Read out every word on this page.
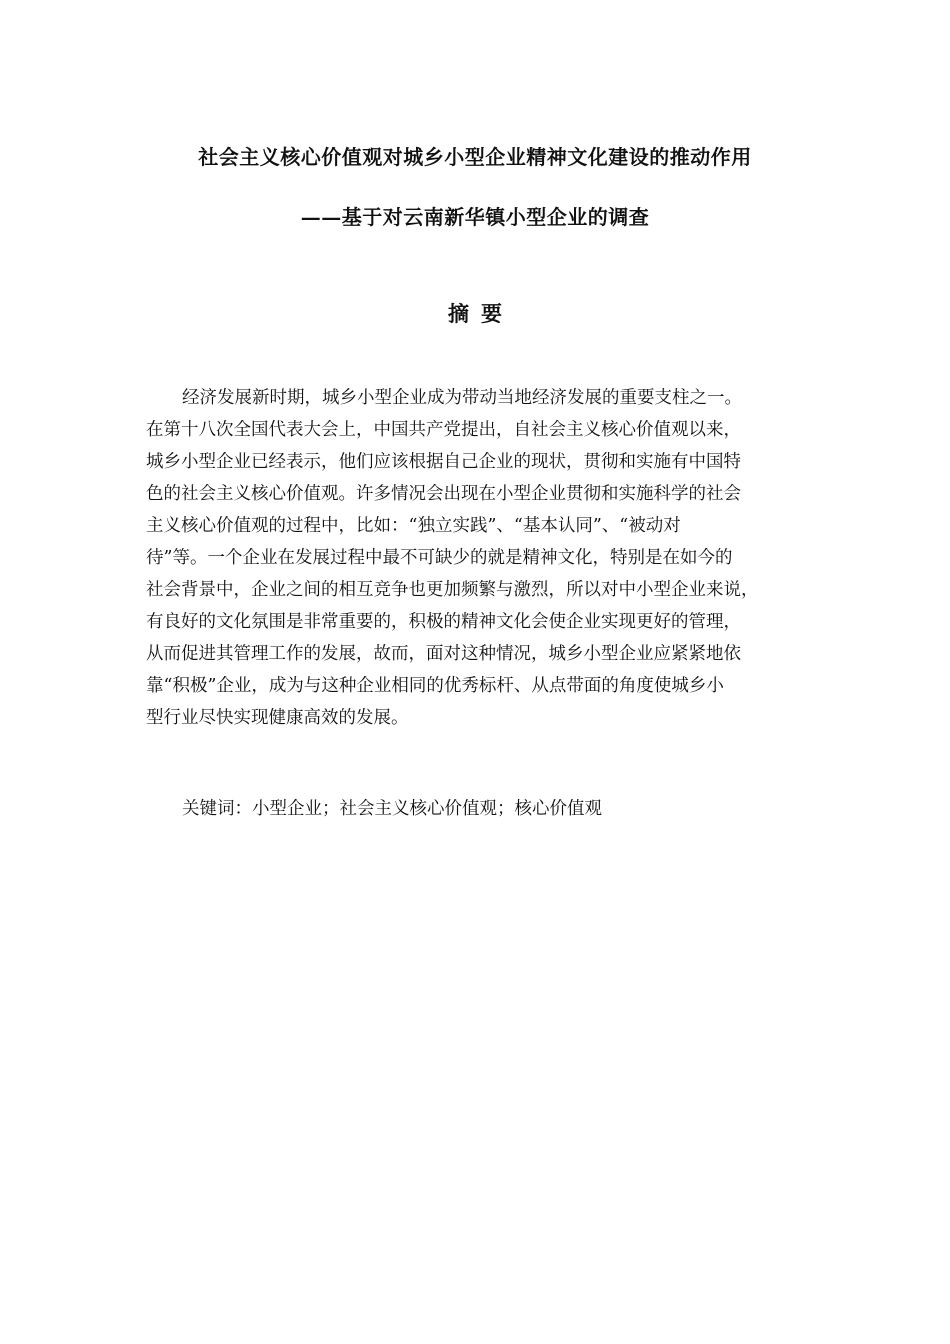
社会主义核心价值观对城乡小型企业精神文化建设的推动作用
——基于对云南新华镇小型企业的调查
摘要
经济发展新时期，城乡小型企业成为带动当地经济发展的重要支柱之一。
在第十八次全国代表大会上，中国共产党提出，自社会主义核心价值观以来，
城乡小型企业已经表示，他们应该根据自己企业的现状，贯彻和实施有中国特
色的社会主义核心价值观。许多情况会出现在小型企业贯彻和实施科学的社会
主义核心价值观的过程中，比如：“独立实践”、“基本认同”、“被动对
待”等。一个企业在发展过程中最不可缺少的就是精神文化，特别是在如今的
社会背景中，企业之间的相互竞争也更加频繁与激烈，所以对中小型企业来说，
有良好的文化氛围是非常重要的，积极的精神文化会使企业实现更好的管理，
从而促进其管理工作的发展，故而，面对这种情况，城乡小型企业应紧紧地依
靠“积极”企业，成为与这种企业相同的优秀标杆、从点带面的角度使城乡小
型行业尽快实现健康高效的发展。
关键词：小型企业；社会主义核心价值观；核心价值观
